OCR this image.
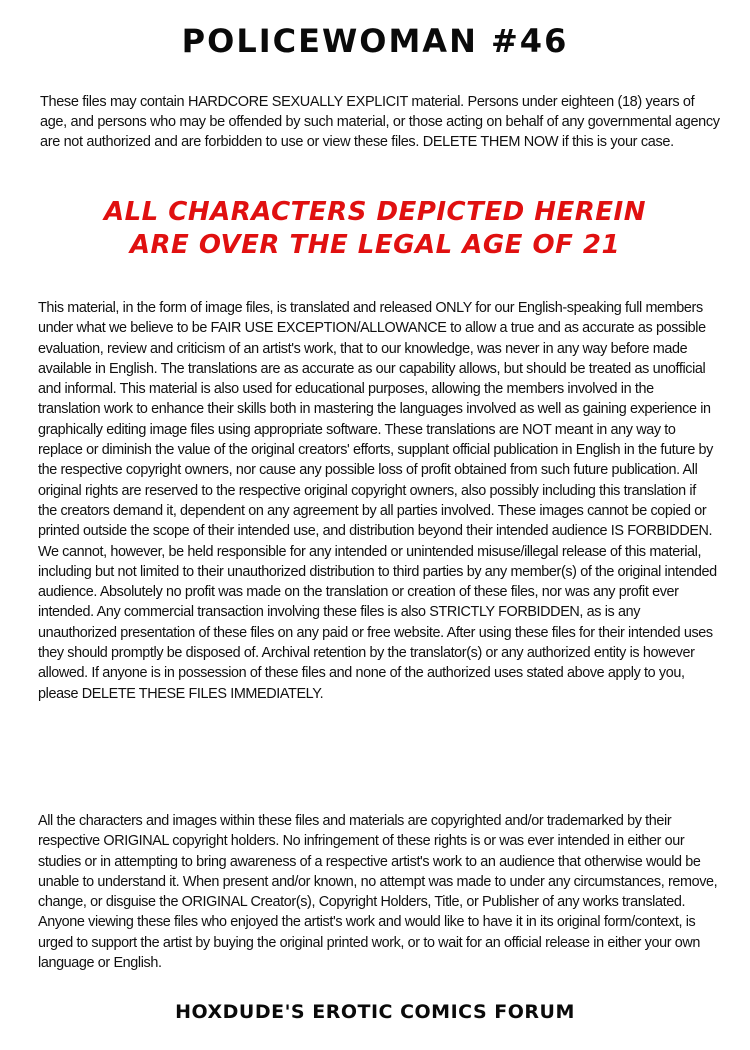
POLICEWOMAN #46
These files may contain HARDCORE SEXUALLY EXPLICIT material. Persons under eighteen (18) years of age, and persons who may be offended by such material, or those acting on behalf of any governmental agency are not authorized and are forbidden to use or view these files. DELETE THEM NOW if this is your case.
ALL CHARACTERS DEPICTED HEREIN
ARE OVER THE LEGAL AGE OF 21
This material, in the form of image files, is translated and released ONLY for our English-speaking full members under what we believe to be FAIR USE EXCEPTION/ALLOWANCE to allow a true and as accurate as possible evaluation, review and criticism of an artist's work, that to our knowledge, was never in any way before made available in English. The translations are as accurate as our capability allows, but should be treated as unofficial and informal. This material is also used for educational purposes, allowing the members involved in the translation work to enhance their skills both in mastering the languages involved as well as gaining experience in graphically editing image files using appropriate software. These translations are NOT meant in any way to replace or diminish the value of the original creators' efforts, supplant official publication in English in the future by the respective copyright owners, nor cause any possible loss of profit obtained from such future publication. All original rights are reserved to the respective original copyright owners, also possibly including this translation if the creators demand it, dependent on any agreement by all parties involved. These images cannot be copied or printed outside the scope of their intended use, and distribution beyond their intended audience IS FORBIDDEN. We cannot, however, be held responsible for any intended or unintended misuse/illegal release of this material, including but not limited to their unauthorized distribution to third parties by any member(s) of the original intended audience. Absolutely no profit was made on the translation or creation of these files, nor was any profit ever intended. Any commercial transaction involving these files is also STRICTLY FORBIDDEN, as is any unauthorized presentation of these files on any paid or free website. After using these files for their intended uses they should promptly be disposed of. Archival retention by the translator(s) or any authorized entity is however allowed. If anyone is in possession of these files and none of the authorized uses stated above apply to you, please DELETE THESE FILES IMMEDIATELY.
All the characters and images within these files and materials are copyrighted and/or trademarked by their respective ORIGINAL copyright holders. No infringement of these rights is or was ever intended in either our studies or in attempting to bring awareness of a respective artist's work to an audience that otherwise would be unable to understand it. When present and/or known, no attempt was made to under any circumstances, remove, change, or disguise the ORIGINAL Creator(s), Copyright Holders, Title, or Publisher of any works translated. Anyone viewing these files who enjoyed the artist's work and would like to have it in its original form/context, is urged to support the artist by buying the original printed work, or to wait for an official release in either your own language or English.
HOXDUDE'S EROTIC COMICS FORUM
